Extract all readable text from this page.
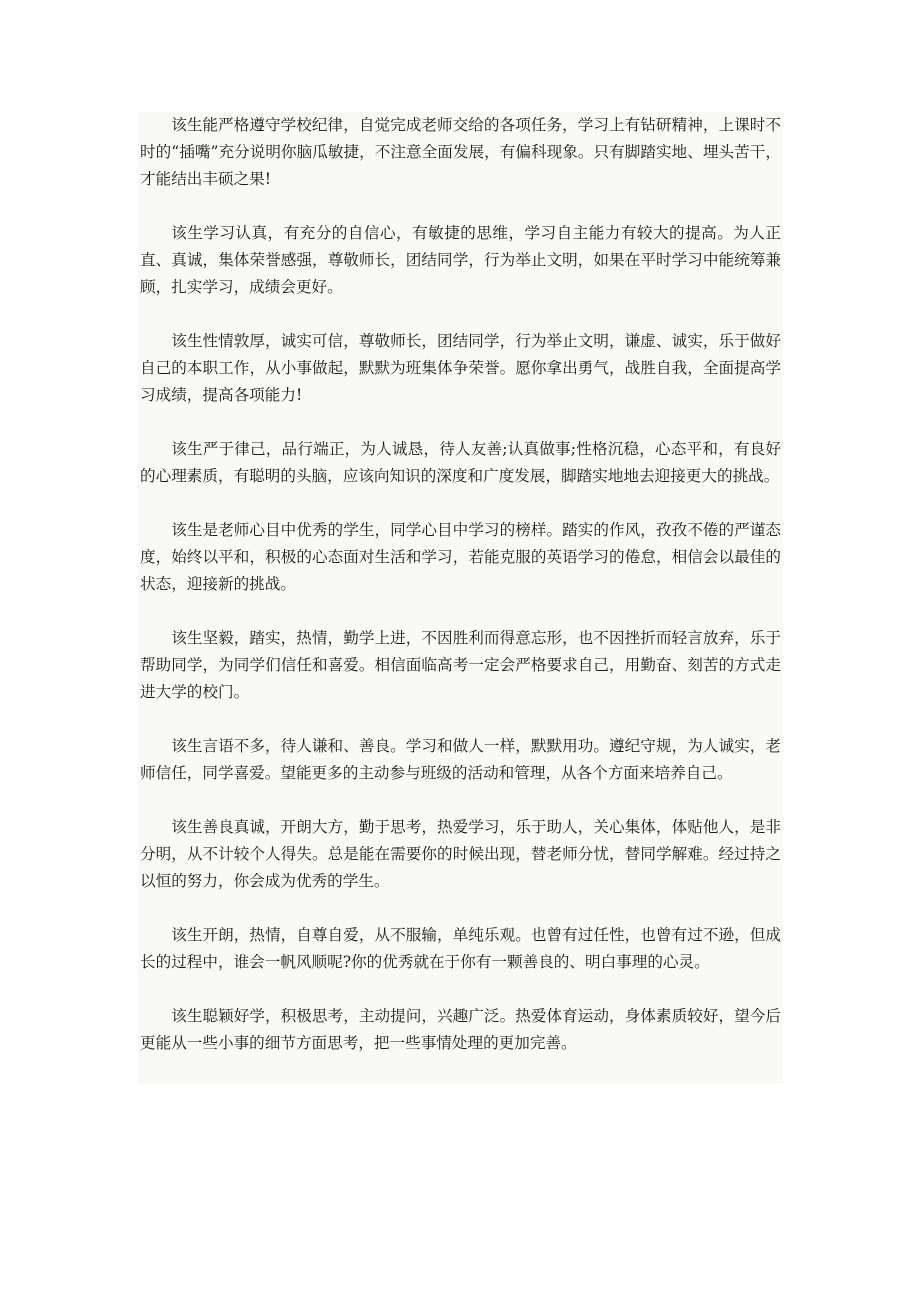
该生能严格遵守学校纪律，自觉完成老师交给的各项任务，学习上有钻研精神，上课时不时的“插嘴”充分说明你脑瓜敏捷，不注意全面发展，有偏科现象。只有脚踏实地、埋头苦干，才能结出丰硕之果!

该生学习认真，有充分的自信心，有敏捷的思维，学习自主能力有较大的提高。为人正直、真诚，集体荣誉感强，尊敬师长，团结同学，行为举止文明，如果在平时学习中能统筹兼顾，扎实学习，成绩会更好。

该生性情敦厚，诚实可信，尊敬师长，团结同学，行为举止文明，谦虚、诚实，乐于做好自己的本职工作，从小事做起，默默为班集体争荣誉。愿你拿出勇气，战胜自我，全面提高学习成绩，提高各项能力!

该生严于律己，品行端正，为人诚恳，待人友善;认真做事;性格沉稳，心态平和，有良好的心理素质，有聪明的头脑，应该向知识的深度和广度发展，脚踏实地地去迎接更大的挑战。

该生是老师心目中优秀的学生，同学心目中学习的榜样。踏实的作风，孜孜不倦的严谨态度，始终以平和，积极的心态面对生活和学习，若能克服的英语学习的倦怠，相信会以最佳的状态，迎接新的挑战。

该生坚毅，踏实，热情，勤学上进，不因胜利而得意忘形，也不因挫折而轻言放弃，乐于帮助同学，为同学们信任和喜爱。相信面临高考一定会严格要求自己，用勤奋、刻苦的方式走进大学的校门。

该生言语不多，待人谦和、善良。学习和做人一样，默默用功。遵纪守规，为人诚实，老师信任，同学喜爱。望能更多的主动参与班级的活动和管理，从各个方面来培养自己。

该生善良真诚，开朗大方，勤于思考，热爱学习，乐于助人，关心集体，体贴他人，是非分明，从不计较个人得失。总是能在需要你的时候出现，替老师分忧，替同学解难。经过持之以恒的努力，你会成为优秀的学生。

该生开朗，热情，自尊自爱，从不服输，单纯乐观。也曾有过任性，也曾有过不逊，但成长的过程中，谁会一帆风顺呢?你的优秀就在于你有一颗善良的、明白事理的心灵。

该生聪颖好学，积极思考，主动提问，兴趣广泛。热爱体育运动，身体素质较好，望今后更能从一些小事的细节方面思考，把一些事情处理的更加完善。
